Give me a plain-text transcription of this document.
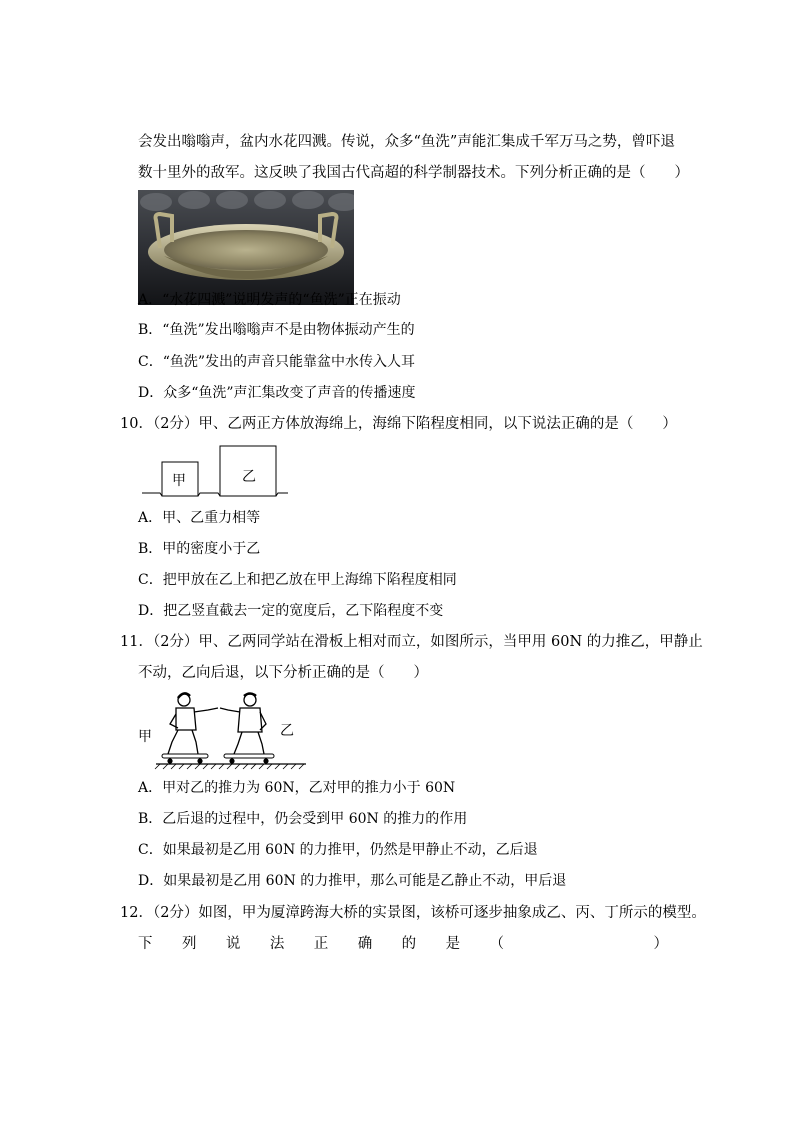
会发出嗡嗡声，盆内水花四溅。传说，众多“鱼洗”声能汇集成千军万马之势，曾吓退
数十里外的敌军。这反映了我国古代高超的科学制器技术。下列分析正确的是（　　）
A．“水花四溅”说明发声的“鱼洗”正在振动
B．“鱼洗”发出嗡嗡声不是由物体振动产生的
C．“鱼洗”发出的声音只能靠盆中水传入人耳
D．众多“鱼洗”声汇集改变了声音的传播速度
10．（2分）甲、乙两正方体放海绵上，海绵下陷程度相同，以下说法正确的是（　　）
甲	乙
A．甲、乙重力相等
B．甲的密度小于乙
C．把甲放在乙上和把乙放在甲上海绵下陷程度相同
D．把乙竖直截去一定的宽度后，乙下陷程度不变
11．（2分）甲、乙两同学站在滑板上相对而立，如图所示，当甲用 60N 的力推乙，甲静止
不动，乙向后退，以下分析正确的是（　　）
甲	乙
A．甲对乙的推力为 60N，乙对甲的推力小于 60N
B．乙后退的过程中，仍会受到甲 60N 的推力的作用
C．如果最初是乙用 60N 的力推甲，仍然是甲静止不动，乙后退
D．如果最初是乙用 60N 的力推甲，那么可能是乙静止不动，甲后退
12．（2分）如图，甲为厦漳跨海大桥的实景图，该桥可逐步抽象成乙、丙、丁所示的模型。
下 列 说 法 正 确 的 是 （	）
